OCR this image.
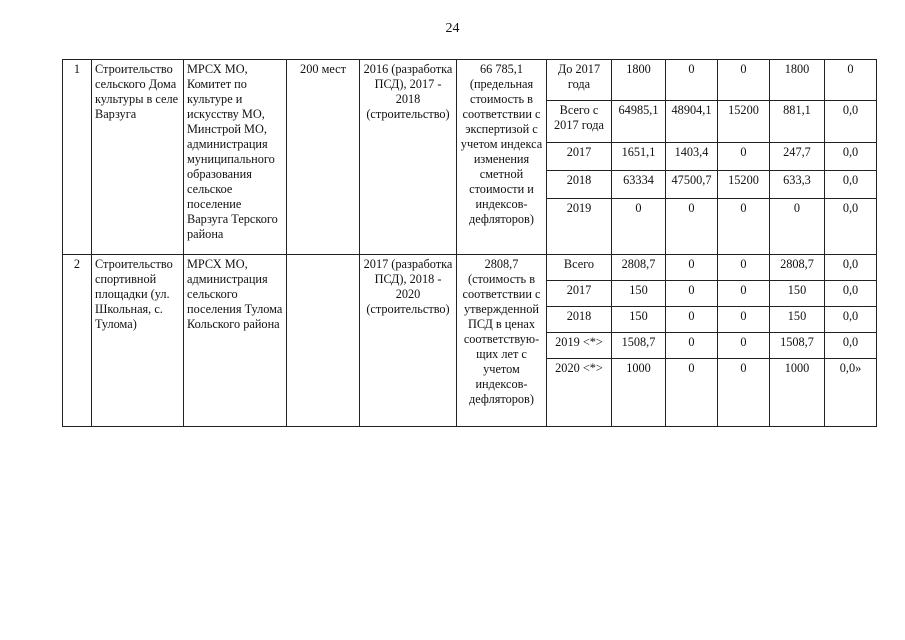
24
1	Строительство сельского Дома культуры в селе Варзуга	МРСХ МО, Комитет по культуре и искусству МО, Минстрой МО, администрация муниципального образования сельское поселение Варзуга Терского района	200 мест	2016 (разработка ПСД), 2017 - 2018 (строительство)	66 785,1 (предельная стоимость в соответствии с экспертизой с учетом индекса изменения сметной стоимости и индексов-дефляторов)	До 2017 года	1800	0	0	1800	0
						Всего с 2017 года	64985,1	48904,1	15200	881,1	0,0
						2017	1651,1	1403,4	0	247,7	0,0
						2018	63334	47500,7	15200	633,3	0,0
						2019	0	0	0	0	0,0
2	Строительство спортивной площадки (ул. Школьная, с. Тулома)	МРСХ МО, администрация сельского поселения Тулома Кольского района		2017 (разработка ПСД), 2018 - 2020 (строительство)	2808,7 (стоимость в соответствии с утвержденной ПСД в ценах соответствую-щих лет с учетом индексов-дефляторов)	Всего	2808,7	0	0	2808,7	0,0
						2017	150	0	0	150	0,0
						2018	150	0	0	150	0,0
						2019 <*>	1508,7	0	0	1508,7	0,0
						2020 <*>	1000	0	0	1000	0,0»
